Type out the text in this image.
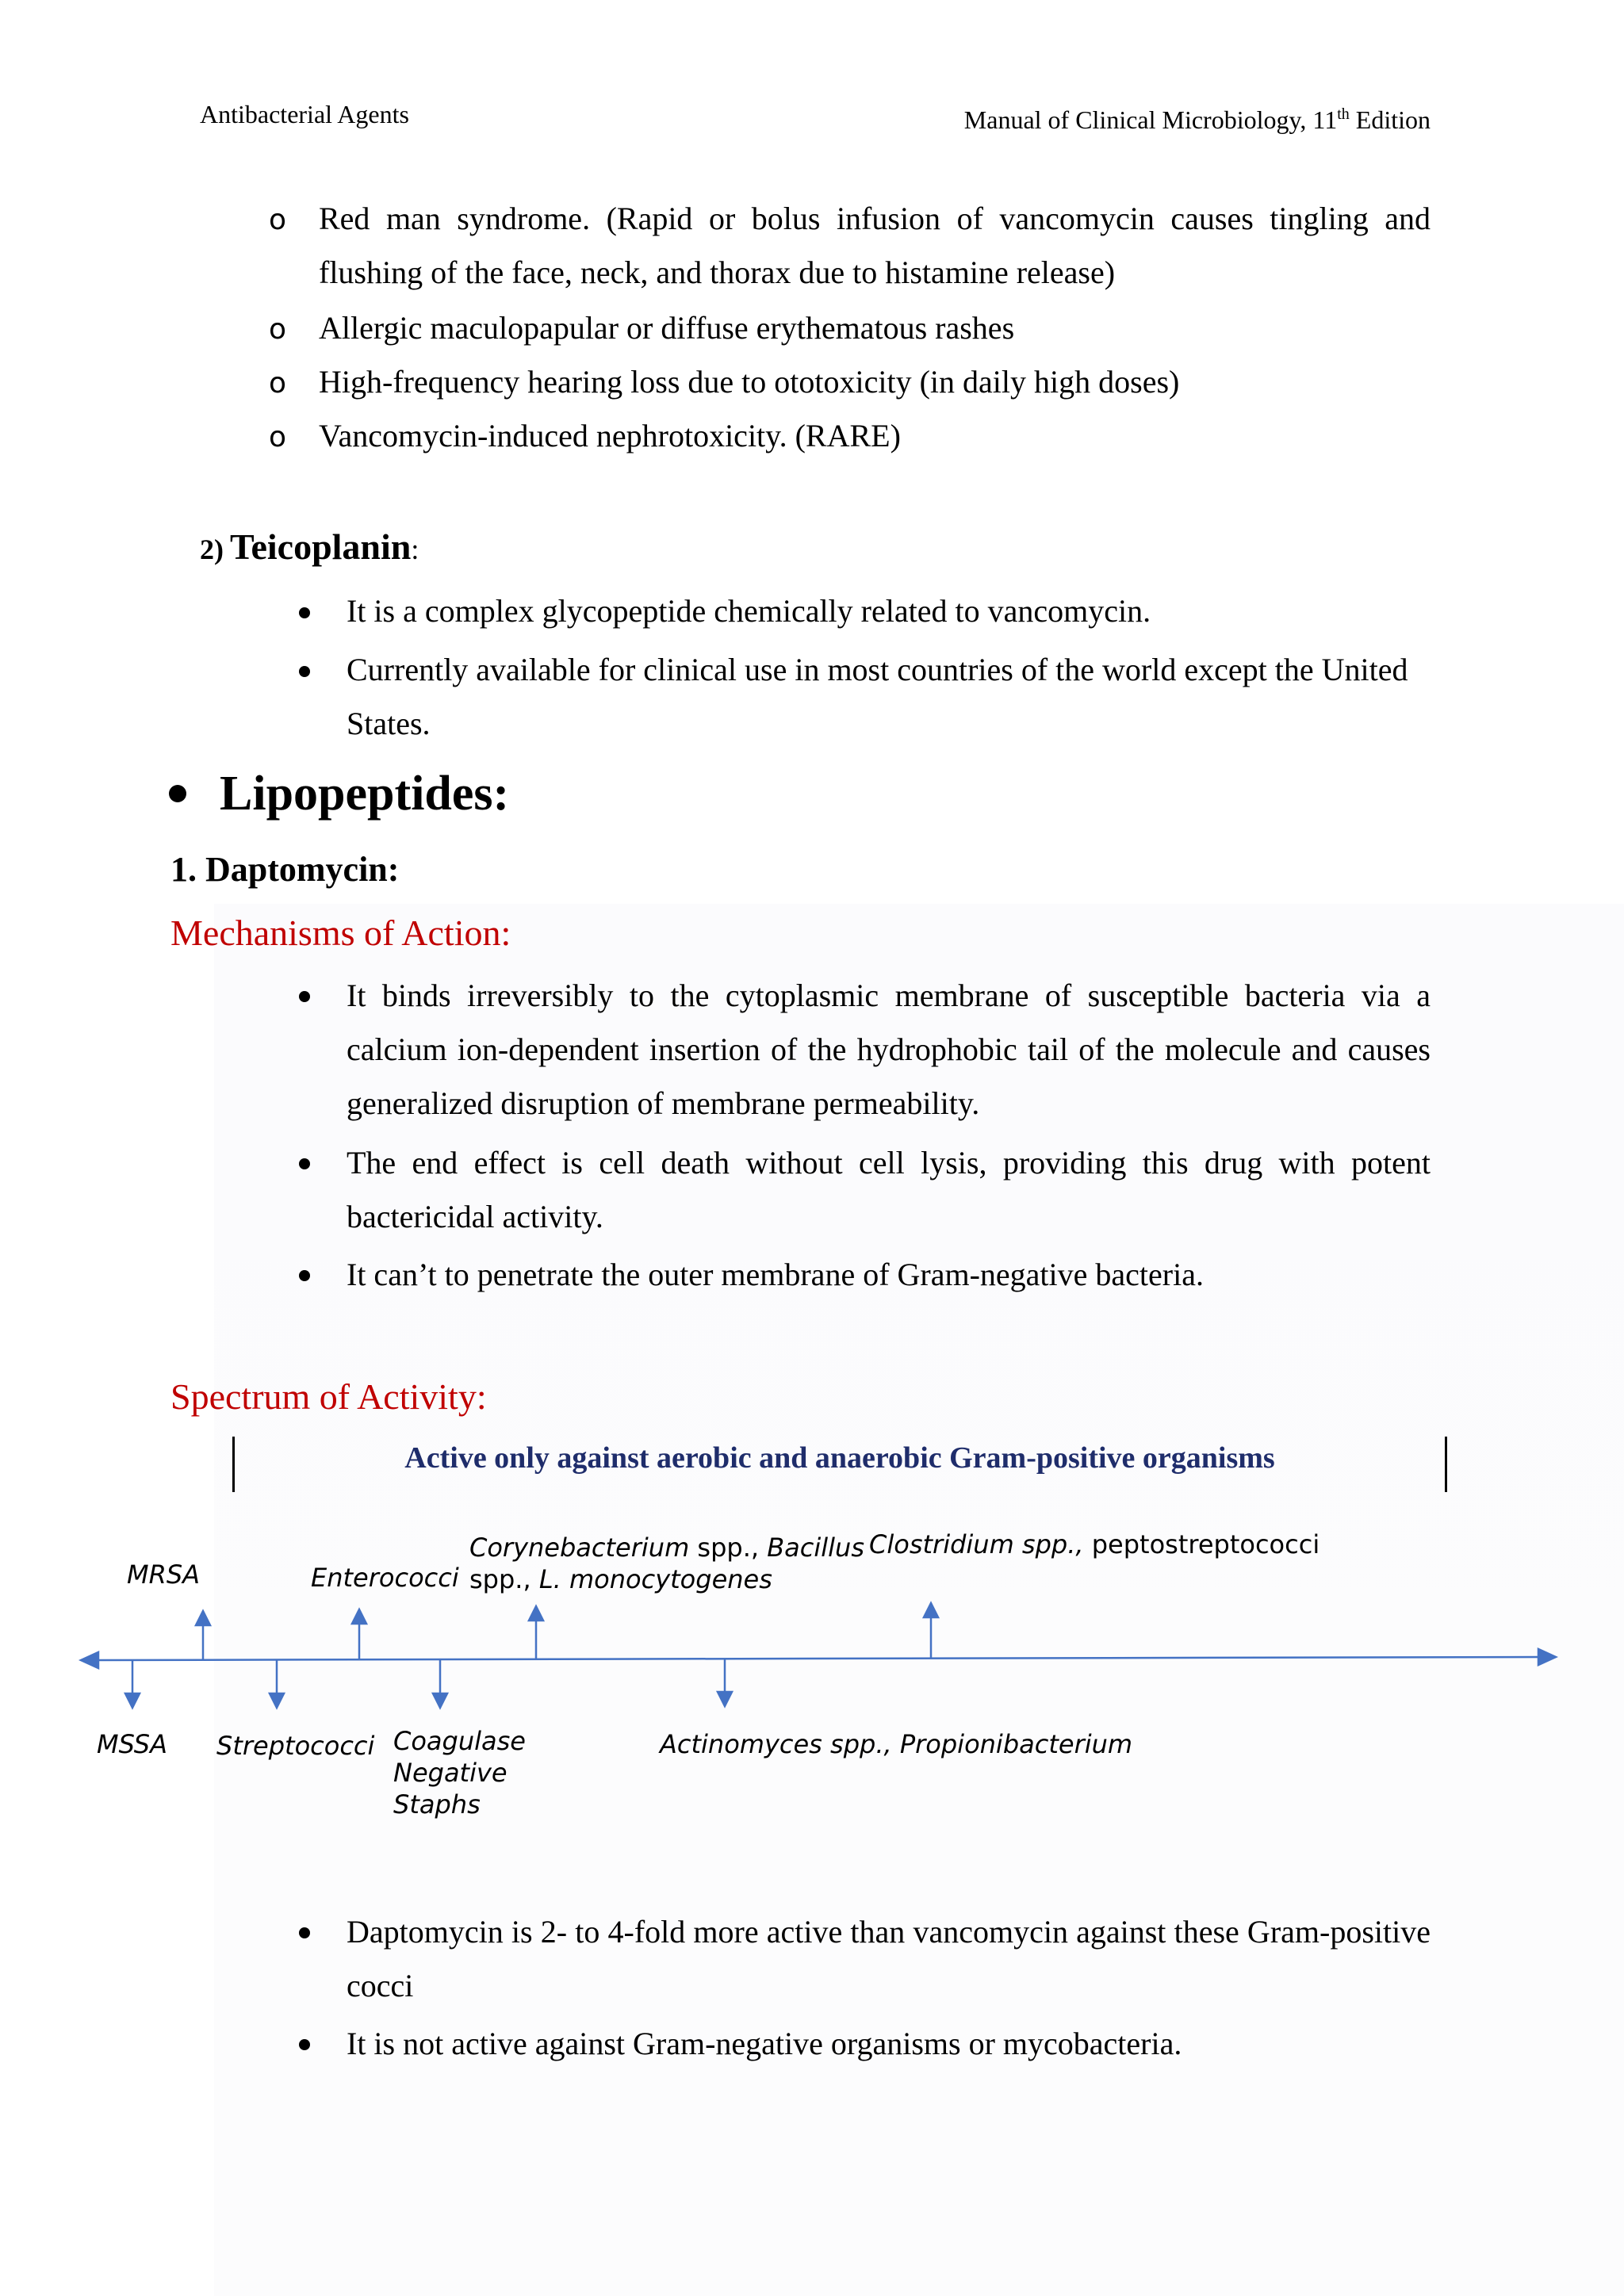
Antibacterial Agents	Manual of Clinical Microbiology, 11th Edition

o Red man syndrome. (Rapid or bolus infusion of vancomycin causes tingling and flushing of the face, neck, and thorax due to histamine release)

o Allergic maculopapular or diffuse erythematous rashes

o High-frequency hearing loss due to ototoxicity (in daily high doses)

o Vancomycin-induced nephrotoxicity. (RARE)

2) Teicoplanin:

It is a complex glycopeptide chemically related to vancomycin.

Currently available for clinical use in most countries of the world except the United States.

Lipopeptides:

1. Daptomycin:

Mechanisms of Action:

It binds irreversibly to the cytoplasmic membrane of susceptible bacteria via a calcium ion-dependent insertion of the hydrophobic tail of the molecule and causes generalized disruption of membrane permeability.

The end effect is cell death without cell lysis, providing this drug with potent bactericidal activity.

It can’t to penetrate the outer membrane of Gram-negative bacteria.

Spectrum of Activity:

Active only against aerobic and anaerobic Gram-positive organisms

MRSA	Enterococci

Corynebacterium spp., Bacillus
spp., L. monocytogenes

Clostridium spp., peptostreptococci

MSSA Streptococci Coagulase
Negative
Staphs

Actinomyces spp., Propionibacterium

Daptomycin is 2- to 4-fold more active than vancomycin against these Gram-positive cocci

It is not active against Gram-negative organisms or mycobacteria.
